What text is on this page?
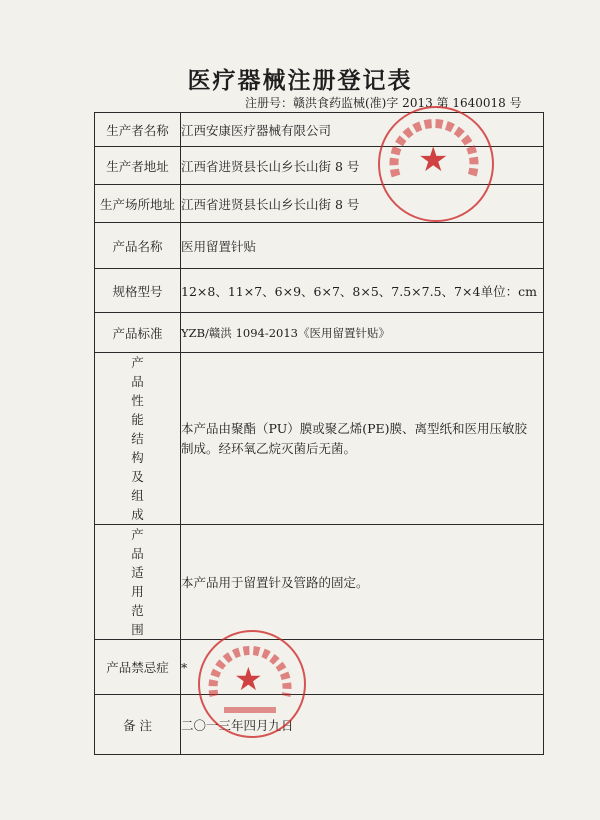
医疗器械注册登记表
注册号：赣洪食药监械(准)字 2013 第 1640018 号
生产者名称	江西安康医疗器械有限公司
生产者地址	江西省进贤县长山乡长山街 8 号
生产场所地址	江西省进贤县长山乡长山街 8 号
产品名称	医用留置针贴
规格型号	12×8、11×7、6×9、6×7、8×5、7.5×7.5、7×4 单位：cm

产品标准	YZB/赣洪 1094-2013《医用留置针贴》
产品性能结构及组成	本产品由聚酯（PU）膜或聚乙烯(PE)膜、离型纸和医用压敏胶制成。经环氧乙烷灭菌后无菌。
产品适用范围	本产品用于留置针及管路的固定。
产品禁忌症	*
备 注	二〇一三年四月九日
★
★
